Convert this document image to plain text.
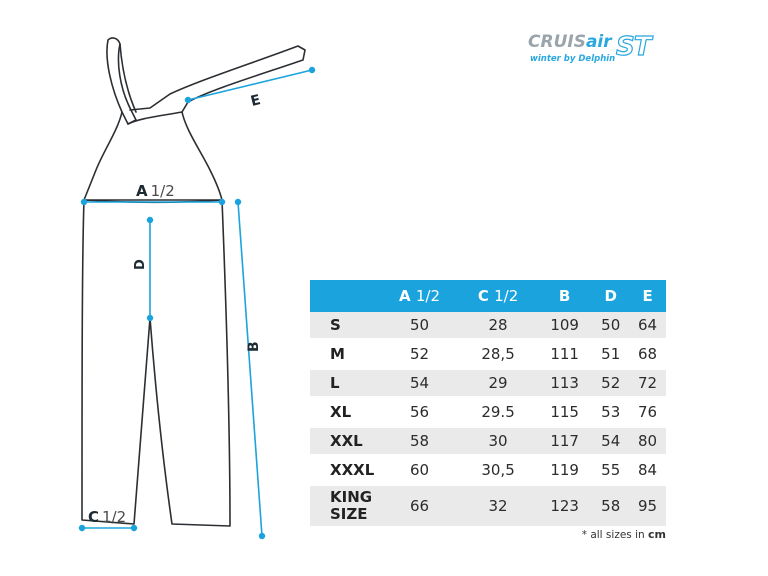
A 1/2
B
C 1/2
D
E
CRUISair ST
winter by Delphin
	A 1/2	C 1/2	B	D	E
S	50	28	109	50	64
M	52	28,5	111	51	68
L	54	29	113	52	72
XL	56	29.5	115	53	76
XXL	58	30	117	54	80
XXXL	60	30,5	119	55	84
KING
SIZE	66	32	123	58	95
* all sizes in cm
